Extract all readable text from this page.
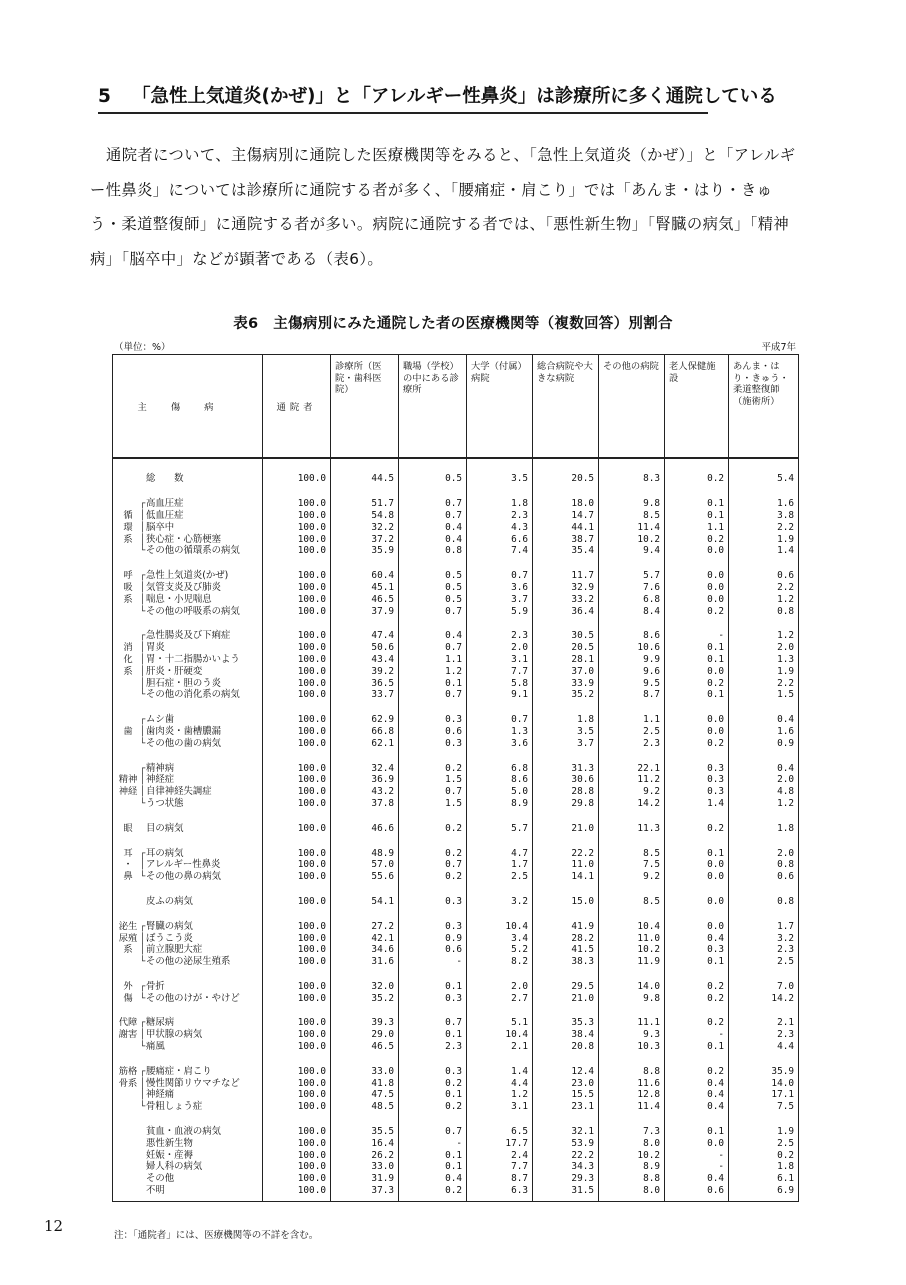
5 「急性上気道炎(かぜ)」と「アレルギー性鼻炎」は診療所に多く通院している
通院者について、主傷病別に通院した医療機関等をみると、「急性上気道炎（かぜ）」と「アレルギー性鼻炎」については診療所に通院する者が多く、「腰痛症・肩こり」では「あんま・はり・きゅう・柔道整復師」に通院する者が多い。病院に通院する者では、「悪性新生物」「腎臓の病気」「精神病」「脳卒中」などが顕著である（表6）。
表6　主傷病別にみた通院した者の医療機関等（複数回答）別割合
（単位：%）	平成7年
主傷病	通院者	診療所（医院・歯科医院）	職場（学校）の中にある診療所	大学（付属）病院	総合病院や大きな病院	その他の病院	老人保健施設	あんま・はり・きゅう・柔道整復師（施術所）
総　　数	100.0	44.5	0.5	3.5	20.5	8.3	0.2	5.4

┌高血圧症	100.0	51.7	0.7	1.8	18.0	9.8	0.1	1.6
循 │低血圧症	100.0	54.8	0.7	2.3	14.7	8.5	0.1	3.8
環 │脳卒中	100.0	32.2	0.4	4.3	44.1	11.4	1.1	2.2
系 │狭心症・心筋梗塞	100.0	37.2	0.4	6.6	38.7	10.2	0.2	1.9
└その他の循環系の病気	100.0	35.9	0.8	7.4	35.4	9.4	0.0	1.4

呼 ┌急性上気道炎(かぜ)	100.0	60.4	0.5	0.7	11.7	5.7	0.0	0.6
吸 │気管支炎及び肺炎	100.0	45.1	0.5	3.6	32.9	7.6	0.0	2.2
系 │喘息・小児喘息	100.0	46.5	0.5	3.7	33.2	6.8	0.0	1.2
└その他の呼吸系の病気	100.0	37.9	0.7	5.9	36.4	8.4	0.2	0.8

┌急性腸炎及び下痢症	100.0	47.4	0.4	2.3	30.5	8.6	-	1.2
消 │胃炎	100.0	50.6	0.7	2.0	20.5	10.6	0.1	2.0
化 │胃・十二指腸かいよう	100.0	43.4	1.1	3.1	28.1	9.9	0.1	1.3
系 │肝炎・肝硬変	100.0	39.2	1.2	7.7	37.0	9.6	0.0	1.9
│胆石症・胆のう炎	100.0	36.5	0.1	5.8	33.9	9.5	0.2	2.2
└その他の消化系の病気	100.0	33.7	0.7	9.1	35.2	8.7	0.1	1.5

┌ムシ歯	100.0	62.9	0.3	0.7	1.8	1.1	0.0	0.4
歯 │歯肉炎・歯槽膿漏	100.0	66.8	0.6	1.3	3.5	2.5	0.0	1.6
└その他の歯の病気	100.0	62.1	0.3	3.6	3.7	2.3	0.2	0.9

┌精神病	100.0	32.4	0.2	6.8	31.3	22.1	0.3	0.4
精神 │神経症	100.0	36.9	1.5	8.6	30.6	11.2	0.3	2.0
神経 │自律神経失調症	100.0	43.2	0.7	5.0	28.8	9.2	0.3	4.8
└うつ状態	100.0	37.8	1.5	8.9	29.8	14.2	1.4	1.2

眼 目の病気	100.0	46.6	0.2	5.7	21.0	11.3	0.2	1.8

耳 ┌耳の病気	100.0	48.9	0.2	4.7	22.2	8.5	0.1	2.0
・ │アレルギー性鼻炎	100.0	57.0	0.7	1.7	11.0	7.5	0.0	0.8
鼻 └その他の鼻の病気	100.0	55.6	0.2	2.5	14.1	9.2	0.0	0.6

皮ふの病気	100.0	54.1	0.3	3.2	15.0	8.5	0.0	0.8

泌生 ┌腎臓の病気	100.0	27.2	0.3	10.4	41.9	10.4	0.0	1.7
尿殖 │ぼうこう炎	100.0	42.1	0.9	3.4	28.2	11.0	0.4	3.2
系 │前立腺肥大症	100.0	34.6	0.6	5.2	41.5	10.2	0.3	2.3
└その他の泌尿生殖系	100.0	31.6	-	8.2	38.3	11.9	0.1	2.5

外 ┌骨折	100.0	32.0	0.1	2.0	29.5	14.0	0.2	7.0
傷 └その他のけが・やけど	100.0	35.2	0.3	2.7	21.0	9.8	0.2	14.2

代障 ┌糖尿病	100.0	39.3	0.7	5.1	35.3	11.1	0.2	2.1
謝害 │甲状腺の病気	100.0	29.0	0.1	10.4	38.4	9.3	-	2.3
└痛風	100.0	46.5	2.3	2.1	20.8	10.3	0.1	4.4

筋格 ┌腰痛症・肩こり	100.0	33.0	0.3	1.4	12.4	8.8	0.2	35.9
骨系 │慢性関節リウマチなど	100.0	41.8	0.2	4.4	23.0	11.6	0.4	14.0
│神経痛	100.0	47.5	0.1	1.2	15.5	12.8	0.4	17.1
└骨粗しょう症	100.0	48.5	0.2	3.1	23.1	11.4	0.4	7.5

貧血・血液の病気	100.0	35.5	0.7	6.5	32.1	7.3	0.1	1.9
悪性新生物	100.0	16.4	-	17.7	53.9	8.0	0.0	2.5
妊娠・産褥	100.0	26.2	0.1	2.4	22.2	10.2	-	0.2
婦人科の病気	100.0	33.0	0.1	7.7	34.3	8.9	-	1.8
その他	100.0	31.9	0.4	8.7	29.3	8.8	0.4	6.1
不明	100.0	37.3	0.2	6.3	31.5	8.0	0.6	6.9
注：「通院者」には、医療機関等の不詳を含む。
12
